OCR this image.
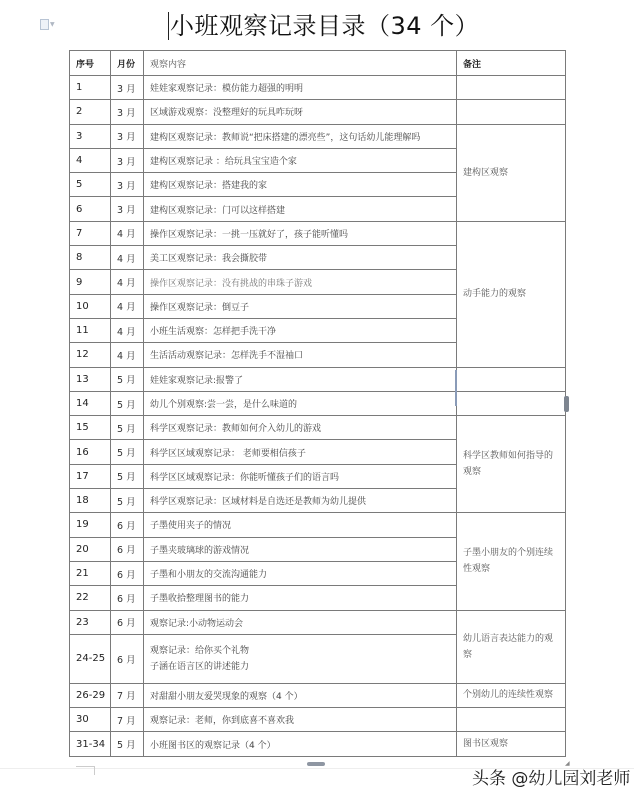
▼	小班观察记录目录（34 个）
序号	月份	观察内容	备注
1	3 月	娃娃家观察记录：模仿能力超强的明明	
2	3 月	区域游戏观察：没整理好的玩具咋玩呀	
3	3 月	建构区观察记录：教师说“把床搭建的漂亮些”，这句话幼儿能理解吗	建构区观察
4	3 月	建构区观察记录 ：给玩具宝宝造个家	
5	3 月	建构区观察记录：搭建我的家	
6	3 月	建构区观察记录：门可以这样搭建	
7	4 月	操作区观察记录：一挑一压就好了，孩子能听懂吗	动手能力的观察
8	4 月	美工区观察记录：我会撕胶带	
9	4 月	操作区观察记录：没有挑战的串珠子游戏	
10	4 月	操作区观察记录：倒豆子	
11	4 月	小班生活观察：怎样把手洗干净	
12	4 月	生活活动观察记录：怎样洗手不湿袖口	
13	5 月	娃娃家观察记录:报警了	
14	5 月	幼儿个别观察:尝一尝，是什么味道的	
15	5 月	科学区观察记录：教师如何介入幼儿的游戏	科学区教师如何指导的观察
16	5 月	科学区区域观察记录： 老师要相信孩子	
17	5 月	科学区区域观察记录：你能听懂孩子们的语言吗	
18	5 月	科学区观察记录：区域材料是自选还是教师为幼儿提供	
19	6 月	子墨使用夹子的情况	子墨小朋友的个别连续性观察
20	6 月	子墨夹玻璃球的游戏情况	
21	6 月	子墨和小朋友的交流沟通能力	
22	6 月	子墨收拾整理图书的能力	
23	6 月	观察记录:小动物运动会	幼儿语言表达能力的观察
24-25	6 月	观察记录：给你买个礼物
子涵在语言区的讲述能力	

26-29	7 月	对甜甜小朋友爱哭现象的观察（4 个）	个别幼儿的连续性观察
30	7 月	观察记录：老师，你到底喜不喜欢我	
31-34	5 月	小班图书区的观察记录（4 个）	图书区观察
◢
头条 @幼儿园刘老师
